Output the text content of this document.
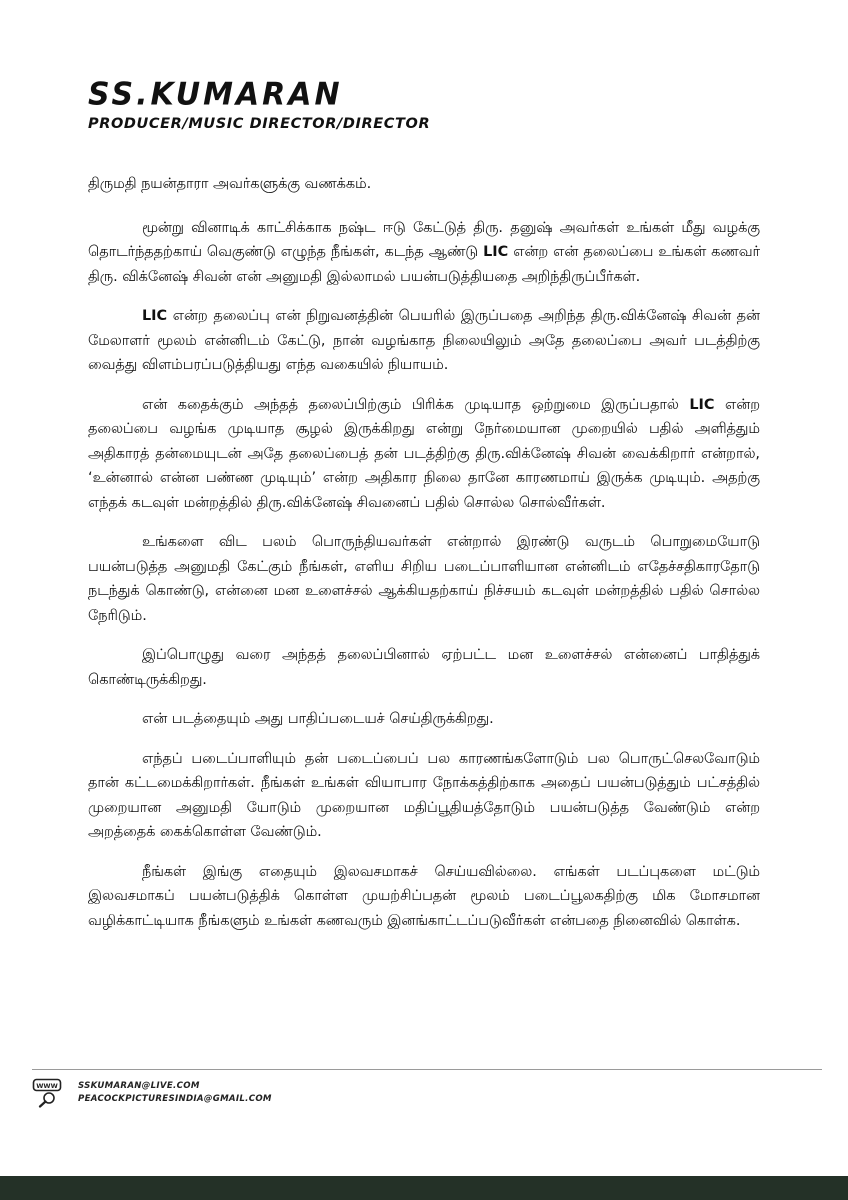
SS.KUMARAN
PRODUCER/MUSIC DIRECTOR/DIRECTOR

திருமதி நயன்தாரா அவர்களுக்கு வணக்கம்.

மூன்று வினாடிக் காட்சிக்காக நஷ்ட ஈடு கேட்டுத் திரு. தனுஷ் அவர்கள் உங்கள் மீது வழக்கு தொடர்ந்ததற்காய் வெகுண்டு எழுந்த நீங்கள், கடந்த ஆண்டு LIC என்ற என் தலைப்பை உங்கள் கணவர் திரு. விக்னேஷ் சிவன் என் அனுமதி இல்லாமல் பயன்படுத்தியதை அறிந்திருப்பீர்கள்.

LIC என்ற தலைப்பு என் நிறுவனத்தின் பெயரில் இருப்பதை அறிந்த திரு.விக்னேஷ் சிவன் தன் மேலாளர் மூலம் என்னிடம் கேட்டு, நான் வழங்காத நிலையிலும் அதே தலைப்பை அவர் படத்திற்கு வைத்து விளம்பரப்படுத்தியது எந்த வகையில் நியாயம்.

என் கதைக்கும் அந்தத் தலைப்பிற்கும் பிரிக்க முடியாத ஒற்றுமை இருப்பதால் LIC என்ற தலைப்பை வழங்க முடியாத சூழல் இருக்கிறது என்று நேர்மையான முறையில் பதில் அளித்தும் அதிகாரத் தன்மையுடன் அதே தலைப்பைத் தன் படத்திற்கு திரு.விக்னேஷ் சிவன் வைக்கிறார் என்றால், ‘உன்னால் என்ன பண்ண முடியும்’ என்ற அதிகார நிலை தானே காரணமாய் இருக்க முடியும். அதற்கு எந்தக் கடவுள் மன்றத்தில் திரு.விக்னேஷ் சிவனைப் பதில் சொல்ல சொல்வீர்கள்.

உங்களை விட பலம் பொருந்தியவர்கள் என்றால் இரண்டு வருடம் பொறுமையோடு பயன்படுத்த அனுமதி கேட்கும் நீங்கள், எளிய சிறிய படைப்பாளியான என்னிடம் எதேச்சதிகாரதோடு நடந்துக் கொண்டு, என்னை மன உளைச்சல் ஆக்கியதற்காய் நிச்சயம் கடவுள் மன்றத்தில் பதில் சொல்ல நேரிடும்.

இப்பொழுது வரை அந்தத் தலைப்பினால் ஏற்பட்ட மன உளைச்சல் என்னைப் பாதித்துக் கொண்டிருக்கிறது.

என் படத்தையும் அது பாதிப்படையச் செய்திருக்கிறது.

எந்தப் படைப்பாளியும் தன் படைப்பைப் பல காரணங்களோடும் பல பொருட்செலவோடும் தான் கட்டமைக்கிறார்கள். நீங்கள் உங்கள் வியாபார நோக்கத்திற்காக அதைப் பயன்படுத்தும் பட்சத்தில் முறையான அனுமதி யோடும் முறையான மதிப்பூதியத்தோடும் பயன்படுத்த வேண்டும் என்ற அறத்தைக் கைக்கொள்ள வேண்டும்.

நீங்கள் இங்கு எதையும் இலவசமாகச் செய்யவில்லை. எங்கள் படப்புகளை மட்டும் இலவசமாகப் பயன்படுத்திக் கொள்ள முயற்சிப்பதன் மூலம் படைப்பூலகதிற்கு மிக மோசமான வழிக்காட்டியாக நீங்களும் உங்கள் கணவரும் இனங்காட்டப்படுவீர்கள் என்பதை நினைவில் கொள்க.

WWW SSKUMARAN@LIVE.COM
PEACOCKPICTURESINDIA@GMAIL.COM
